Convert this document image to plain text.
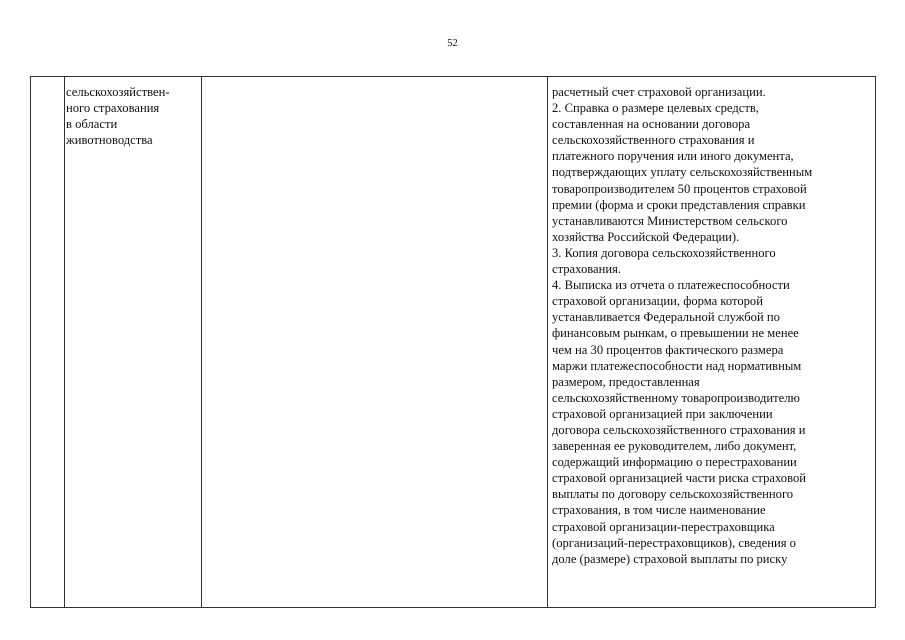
52
сельскохозяйствен-
ного страхования
в области
животноводства
расчетный счет страховой организации.
2. Справка о размере целевых средств,
составленная на основании договора
сельскохозяйственного страхования и
платежного поручения или иного документа,
подтверждающих уплату сельскохозяйственным
товаропроизводителем 50 процентов страховой
премии (форма и сроки представления справки
устанавливаются Министерством сельского
хозяйства Российской Федерации).
3. Копия договора сельскохозяйственного
страхования.
4. Выписка из отчета о платежеспособности
страховой организации, форма которой
устанавливается Федеральной службой по
финансовым рынкам, о превышении не менее
чем на 30 процентов фактического размера
маржи платежеспособности над нормативным
размером, предоставленная
сельскохозяйственному товаропроизводителю
страховой организацией при заключении
договора сельскохозяйственного страхования и
заверенная ее руководителем, либо документ,
содержащий информацию о перестраховании
страховой организацией части риска страховой
выплаты по договору сельскохозяйственного
страхования, в том числе наименование
страховой организации-перестраховщика
(организаций-перестраховщиков), сведения о
доле (размере) страховой выплаты по риску
